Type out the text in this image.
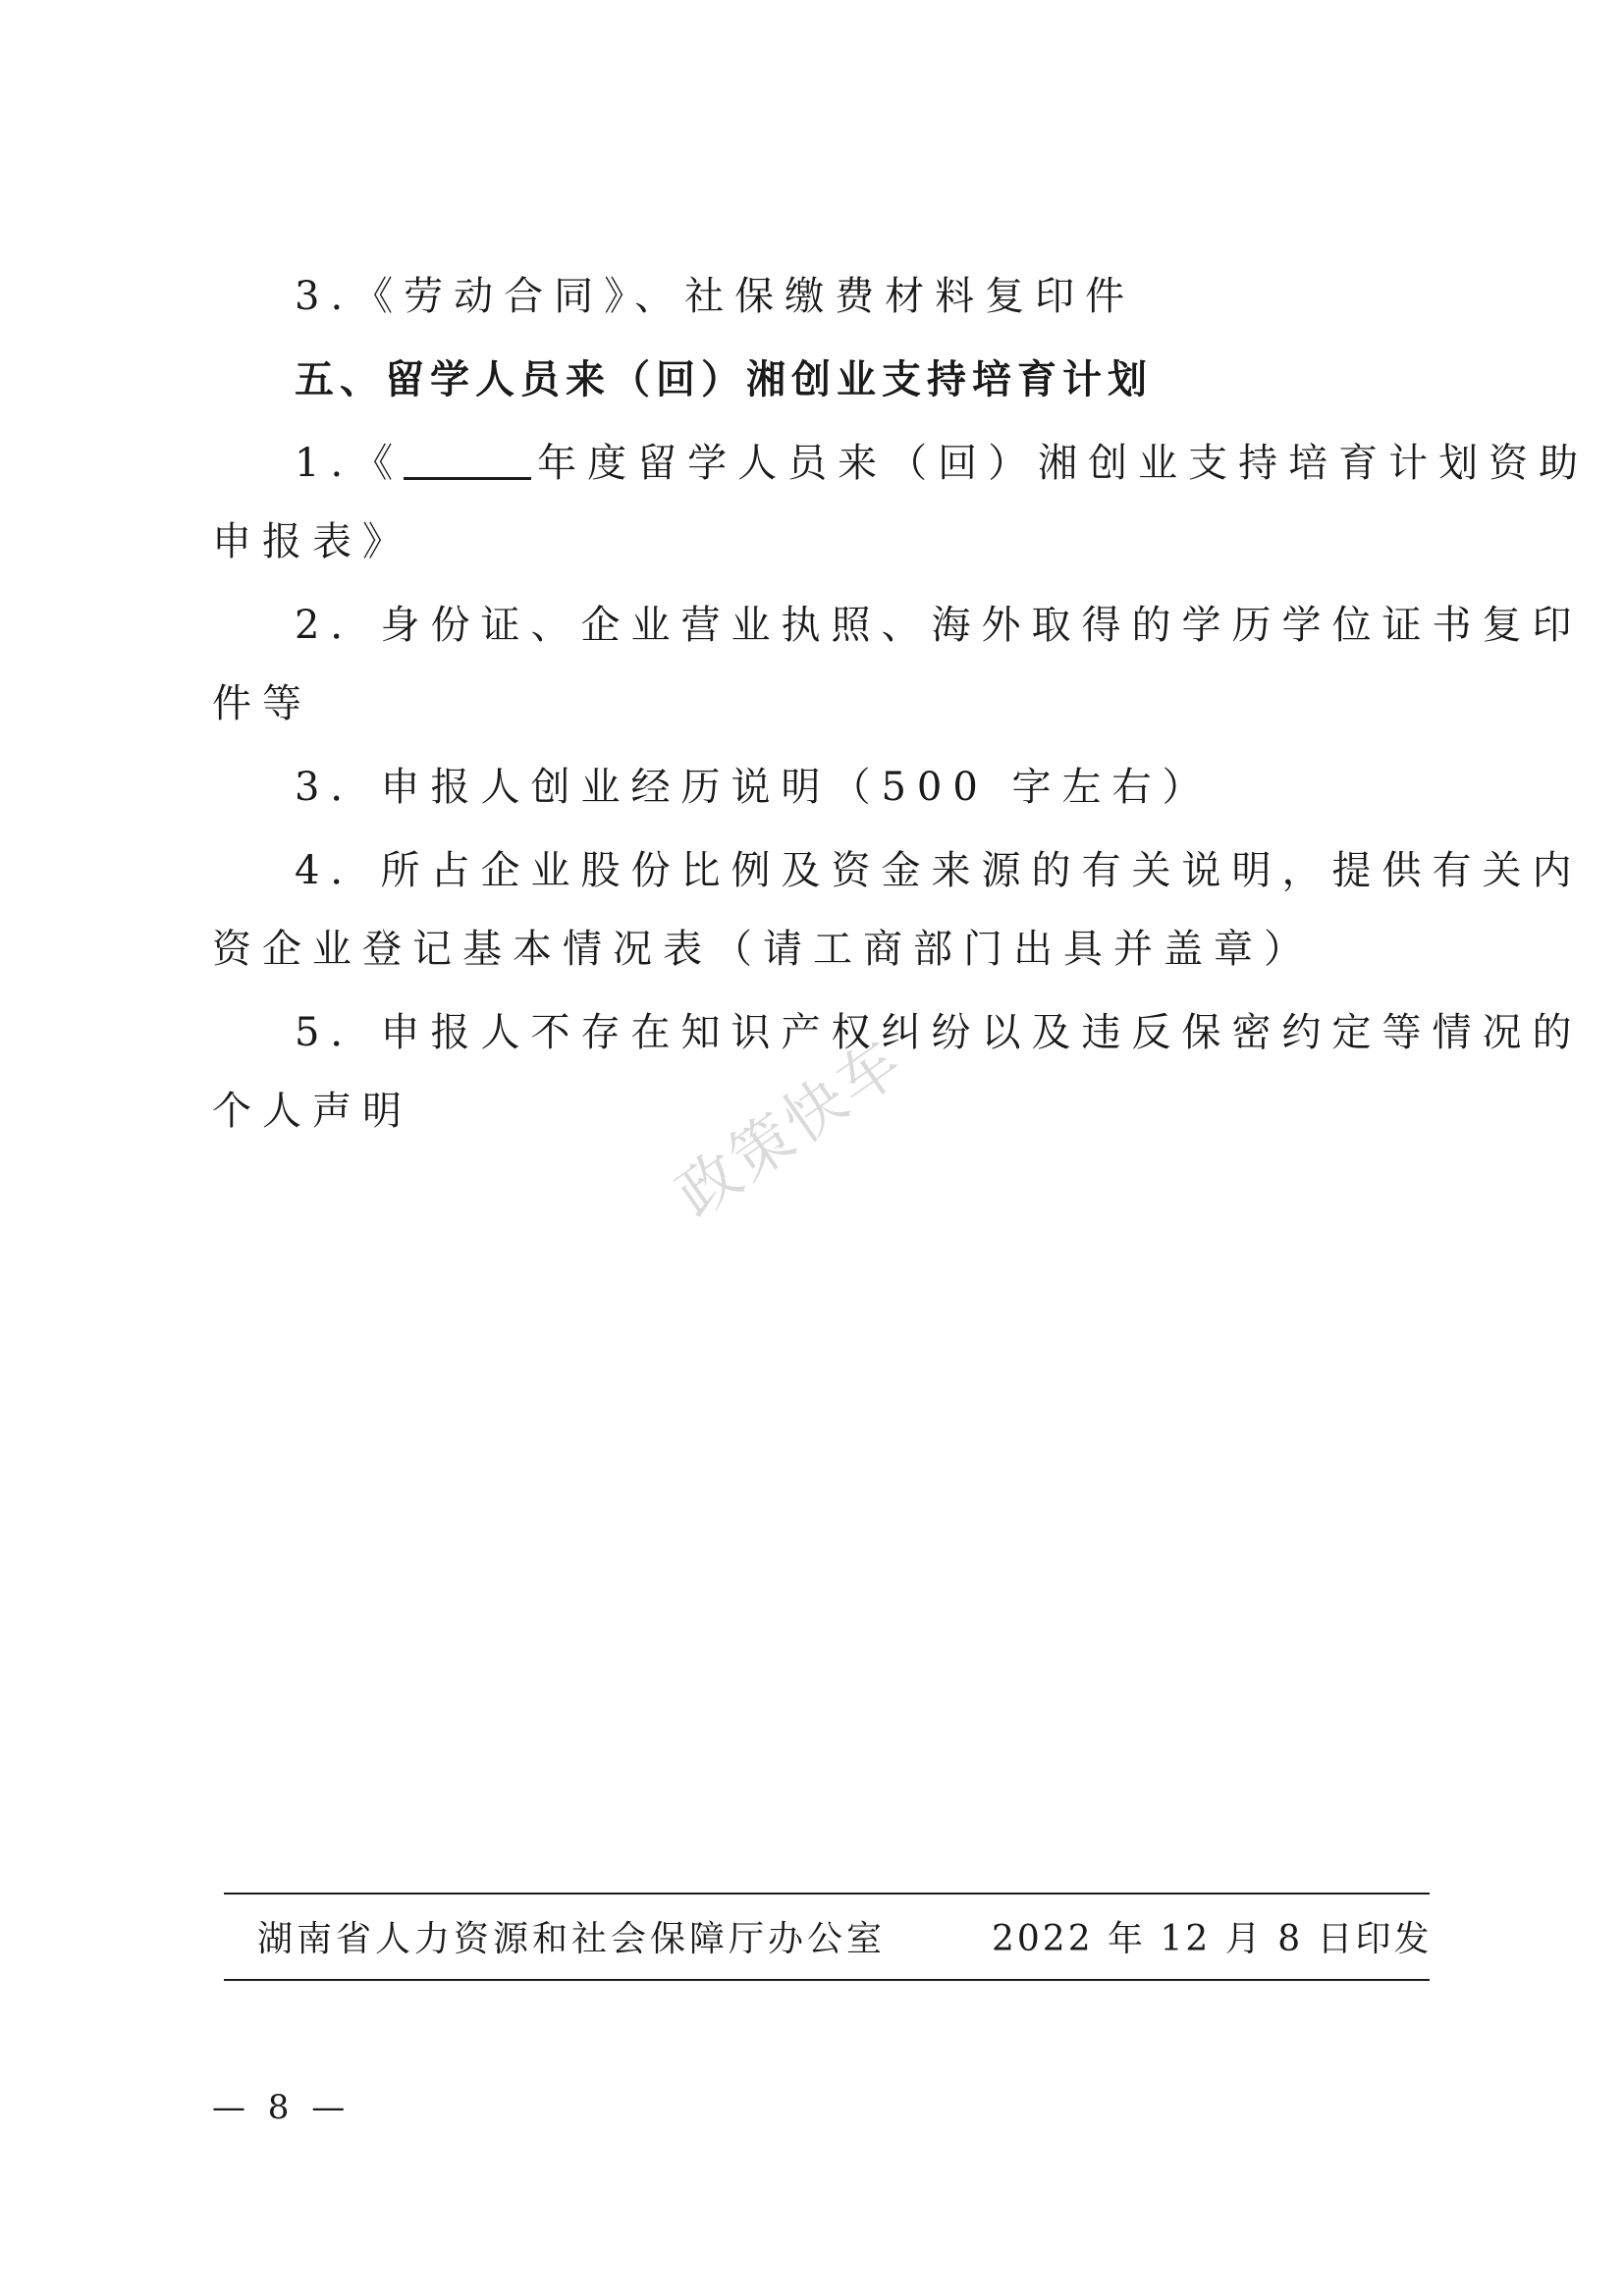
3.《劳动合同》、社保缴费材料复印件
五、留学人员来（回）湘创业支持培育计划
1.《	年度留学人员来（回）湘创业支持培育计划资助
申报表》
2．身份证、企业营业执照、海外取得的学历学位证书复印
件等
3．申报人创业经历说明（500 字左右）
4．所占企业股份比例及资金来源的有关说明，提供有关内
资企业登记基本情况表（请工商部门出具并盖章）
5．申报人不存在知识产权纠纷以及违反保密约定等情况的
个人声明	政策快车
湖南省人力资源和社会保障厅办公室	2022 年 12 月 8 日印发
— 8 —
